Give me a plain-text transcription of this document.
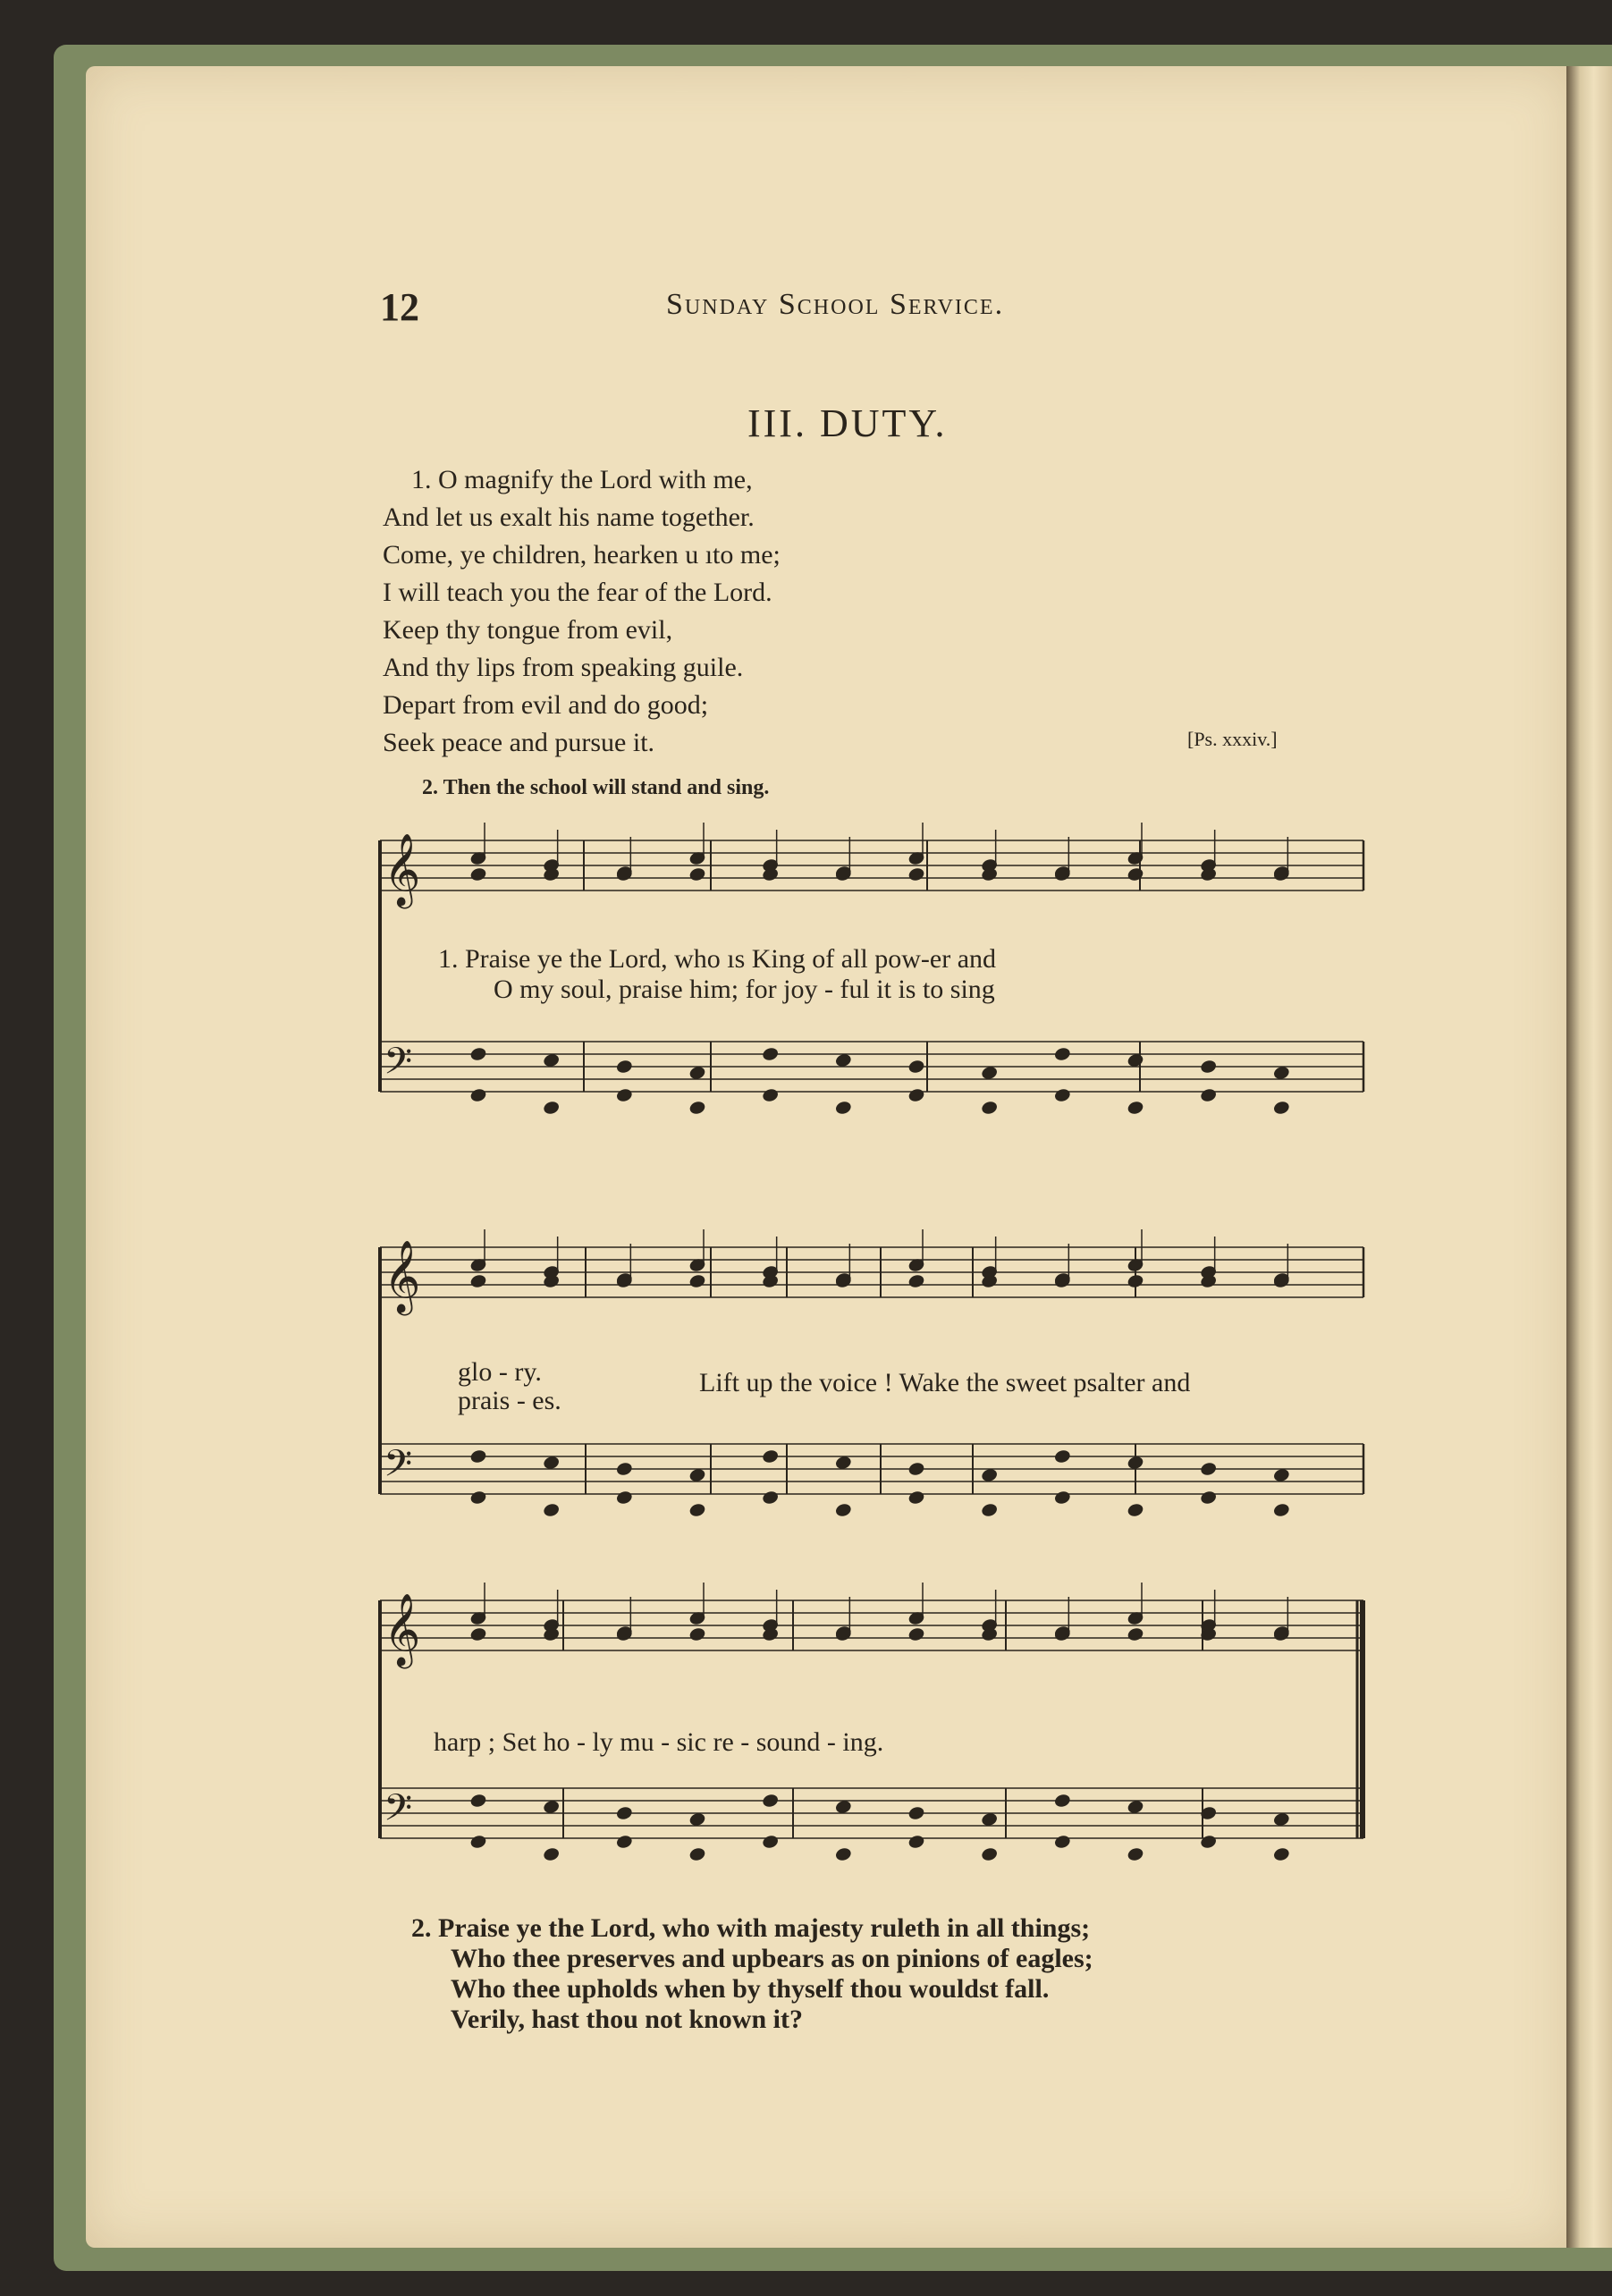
12	Sunday School Service.
III. DUTY.
1. O magnify the Lord with me,
And let us exalt his name together.
Come, ye children, hearken u ıto me;
I will teach you the fear of the Lord.
Keep thy tongue from evil,
And thy lips from speaking guile.
Depart from evil and do good;
Seek peace and pursue it.	[Ps. xxxiv.]
2. Then the school will stand and sing.
𝄞
𝄢
𝄞
𝄢
𝄞
𝄢
1. Praise ye the Lord, who ıs King of all pow-er and
O my soul, praise him; for joy - ful it is to sing
glo - ry.
prais - es.
Lift up the voice ! Wake the sweet psalter and
harp ; Set ho - ly mu - sic re - sound - ing.
2. Praise ye the Lord, who with majesty ruleth in all things;
Who thee preserves and upbears as on pinions of eagles;
Who thee upholds when by thyself thou wouldst fall.
Verily, hast thou not known it?
